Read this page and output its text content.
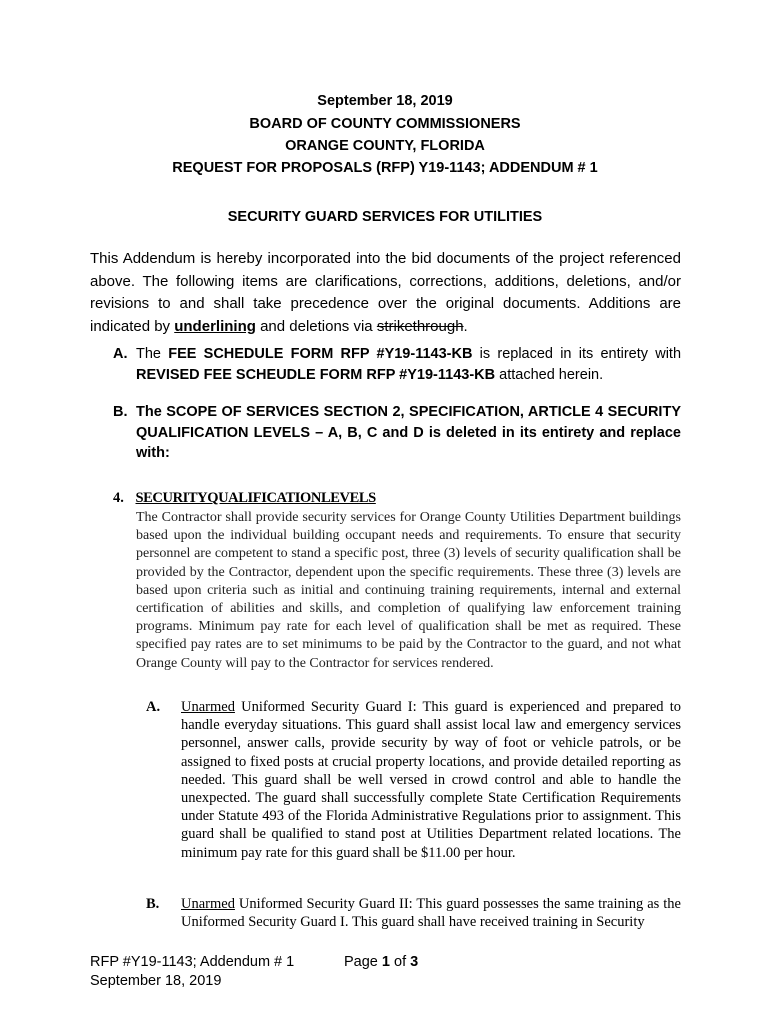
September 18, 2019
BOARD OF COUNTY COMMISSIONERS
ORANGE COUNTY, FLORIDA
REQUEST FOR PROPOSALS (RFP) Y19-1143; ADDENDUM # 1
SECURITY GUARD SERVICES FOR UTILITIES
This Addendum is hereby incorporated into the bid documents of the project referenced above. The following items are clarifications, corrections, additions, deletions, and/or revisions to and shall take precedence over the original documents. Additions are indicated by underlining and deletions via strikethrough.
A. The FEE SCHEDULE FORM RFP #Y19-1143-KB is replaced in its entirety with REVISED FEE SCHEUDLE FORM RFP #Y19-1143-KB attached herein.
B. The SCOPE OF SERVICES SECTION 2, SPECIFICATION, ARTICLE 4 SECURITY QUALIFICATION LEVELS – A, B, C and D is deleted in its entirety and replace with:
4. SECURITYQUALIFICATIONLEVELS
The Contractor shall provide security services for Orange County Utilities Department buildings based upon the individual building occupant needs and requirements. To ensure that security personnel are competent to stand a specific post, three (3) levels of security qualification shall be provided by the Contractor, dependent upon the specific requirements. These three (3) levels are based upon criteria such as initial and continuing training requirements, internal and external certification of abilities and skills, and completion of qualifying law enforcement training programs. Minimum pay rate for each level of qualification shall be met as required. These specified pay rates are to set minimums to be paid by the Contractor to the guard, and not what Orange County will pay to the Contractor for services rendered.
A. Unarmed Uniformed Security Guard I: This guard is experienced and prepared to handle everyday situations. This guard shall assist local law and emergency services personnel, answer calls, provide security by way of foot or vehicle patrols, or be assigned to fixed posts at crucial property locations, and provide detailed reporting as needed. This guard shall be well versed in crowd control and able to handle the unexpected. The guard shall successfully complete State Certification Requirements under Statute 493 of the Florida Administrative Regulations prior to assignment. This guard shall be qualified to stand post at Utilities Department related locations. The minimum pay rate for this guard shall be $11.00 per hour.
B. Unarmed Uniformed Security Guard II: This guard possesses the same training as the Uniformed Security Guard I. This guard shall have received training in Security
RFP #Y19-1143; Addendum # 1
September 18, 2019
Page 1 of 3
